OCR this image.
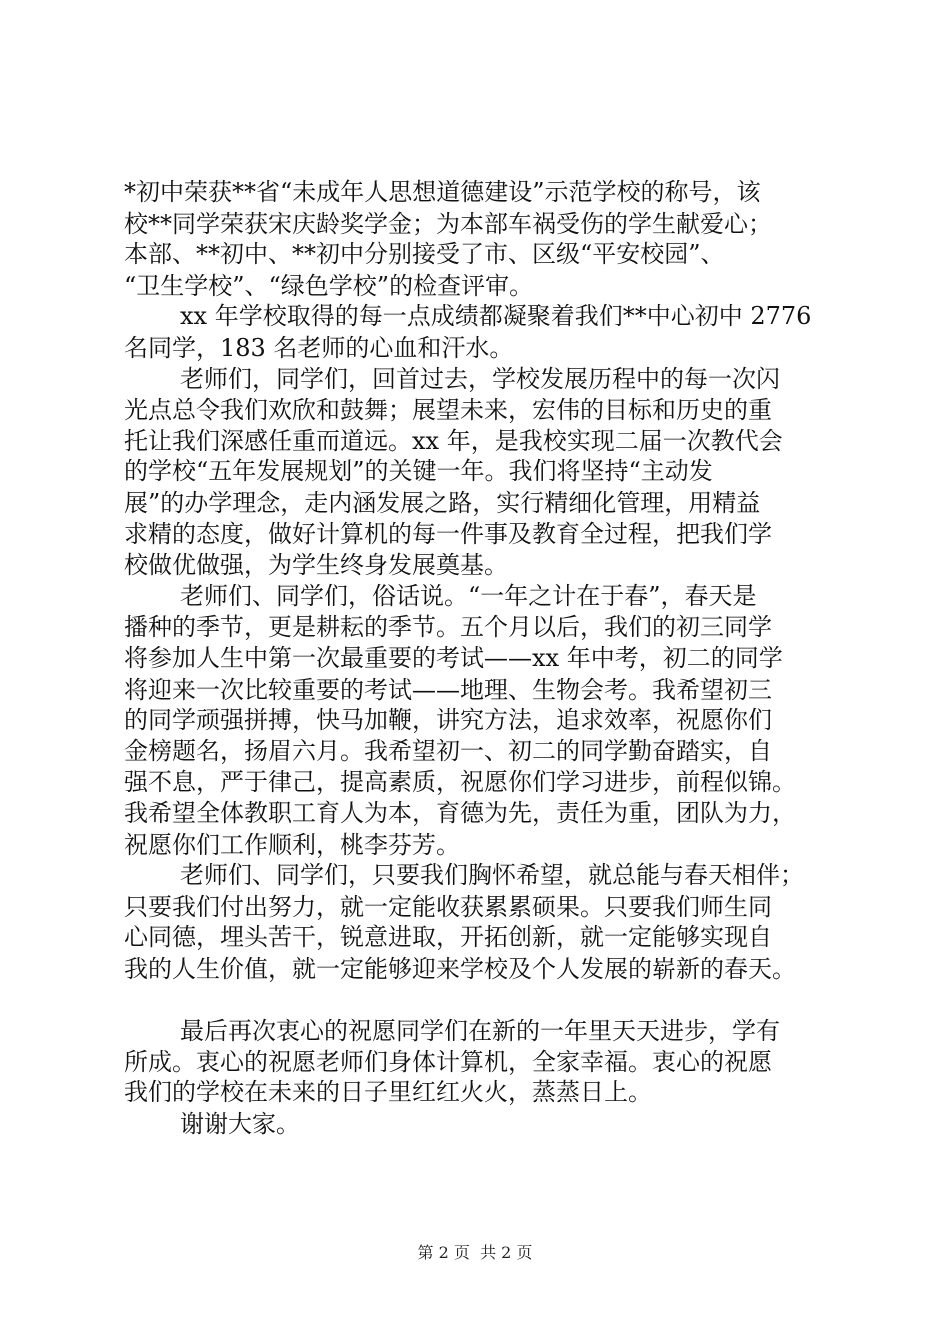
*初中荣获**省“未成年人思想道德建设”示范学校的称号，该
校**同学荣获宋庆龄奖学金；为本部车祸受伤的学生献爱心；
本部、**初中、**初中分别接受了市、区级“平安校园”、
“卫生学校”、“绿色学校”的检查评审。
xx 年学校取得的每一点成绩都凝聚着我们**中心初中 2776
名同学，183 名老师的心血和汗水。
老师们，同学们，回首过去，学校发展历程中的每一次闪
光点总令我们欢欣和鼓舞；展望未来，宏伟的目标和历史的重
托让我们深感任重而道远。xx 年，是我校实现二届一次教代会
的学校“五年发展规划”的关键一年。我们将坚持“主动发
展”的办学理念，走内涵发展之路，实行精细化管理，用精益
求精的态度，做好计算机的每一件事及教育全过程，把我们学
校做优做强，为学生终身发展奠基。
老师们、同学们，俗话说。“一年之计在于春”，春天是
播种的季节，更是耕耘的季节。五个月以后，我们的初三同学
将参加人生中第一次最重要的考试——xx 年中考，初二的同学
将迎来一次比较重要的考试——地理、生物会考。我希望初三
的同学顽强拼搏，快马加鞭，讲究方法，追求效率，祝愿你们
金榜题名，扬眉六月。我希望初一、初二的同学勤奋踏实，自
强不息，严于律己，提高素质，祝愿你们学习进步，前程似锦。
我希望全体教职工育人为本，育德为先，责任为重，团队为力，
祝愿你们工作顺利，桃李芬芳。
老师们、同学们，只要我们胸怀希望，就总能与春天相伴；
只要我们付出努力，就一定能收获累累硕果。只要我们师生同
心同德，埋头苦干，锐意进取，开拓创新，就一定能够实现自
我的人生价值，就一定能够迎来学校及个人发展的崭新的春天。
最后再次衷心的祝愿同学们在新的一年里天天进步，学有
所成。衷心的祝愿老师们身体计算机，全家幸福。衷心的祝愿
我们的学校在未来的日子里红红火火，蒸蒸日上。
谢谢大家。
第 2 页  共 2 页
